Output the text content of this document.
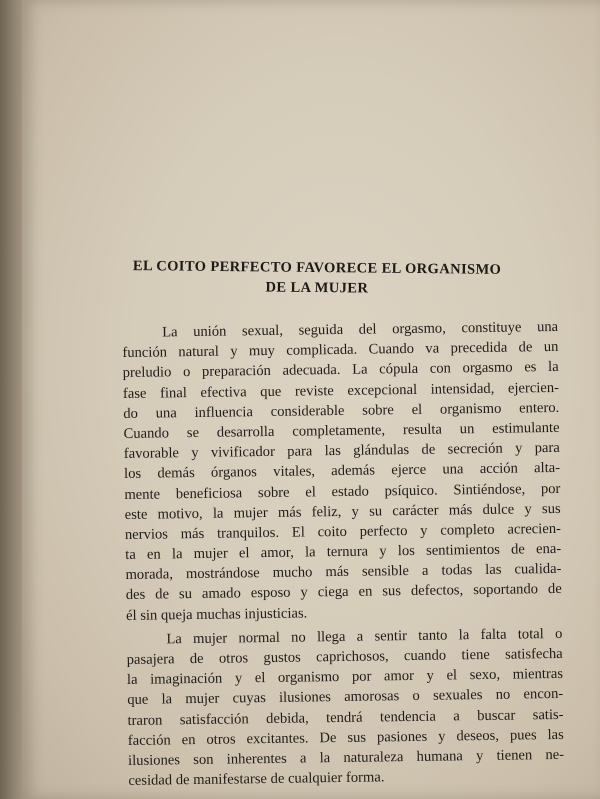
EL COITO PERFECTO FAVORECE EL ORGANISMO
DE LA MUJER
La unión sexual, seguida del orgasmo, constituye una
función natural y muy complicada. Cuando va precedida de un
preludio o preparación adecuada. La cópula con orgasmo es la
fase final efectiva que reviste excepcional intensidad, ejercien-
do una influencia considerable sobre el organismo entero.
Cuando se desarrolla completamente, resulta un estimulante
favorable y vivificador para las glándulas de secreción y para
los demás órganos vitales, además ejerce una acción alta-
mente beneficiosa sobre el estado psíquico. Sintiéndose, por
este motivo, la mujer más feliz, y su carácter más dulce y sus
nervios más tranquilos. El coito perfecto y completo acrecien-
ta en la mujer el amor, la ternura y los sentimientos de ena-
morada, mostrándose mucho más sensible a todas las cualida-
des de su amado esposo y ciega en sus defectos, soportando de
él sin queja muchas injusticias.
La mujer normal no llega a sentir tanto la falta total o
pasajera de otros gustos caprichosos, cuando tiene satisfecha
la imaginación y el organismo por amor y el sexo, mientras
que la mujer cuyas ilusiones amorosas o sexuales no encon-
traron satisfacción debida, tendrá tendencia a buscar satis-
facción en otros excitantes. De sus pasiones y deseos, pues las
ilusiones son inherentes a la naturaleza humana y tienen ne-
cesidad de manifestarse de cualquier forma.
